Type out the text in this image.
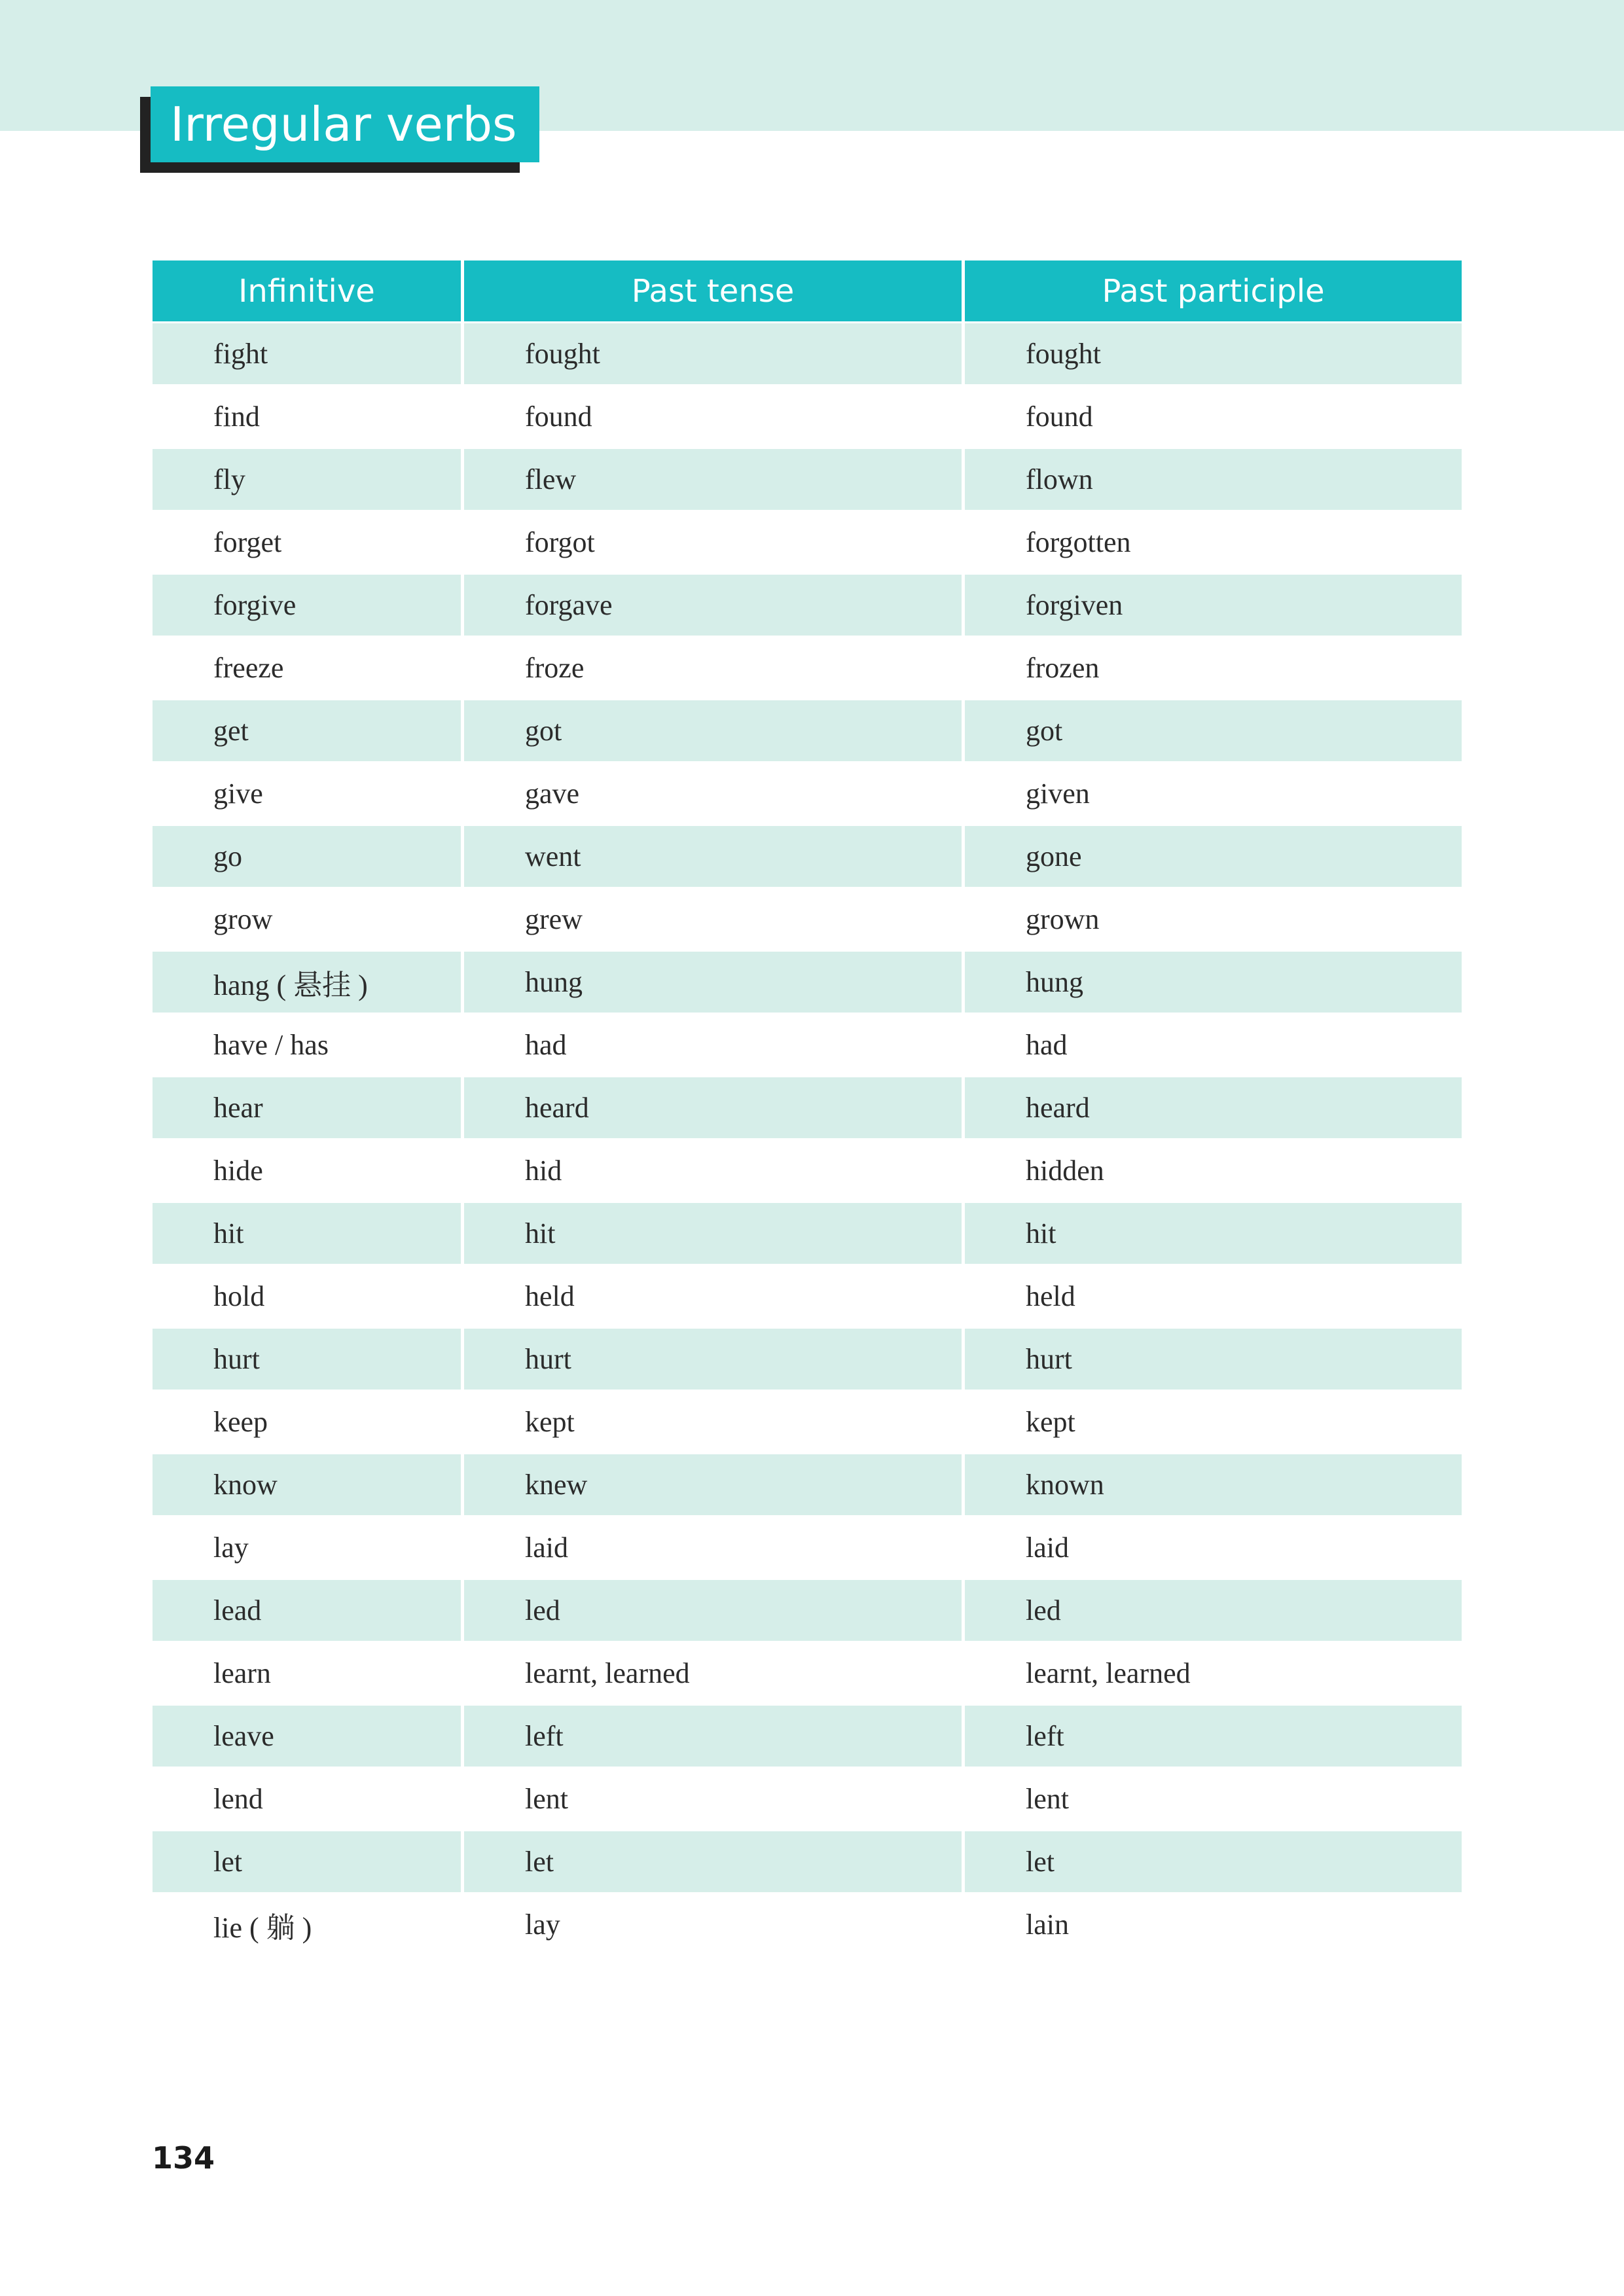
Irregular verbs
Infinitive	Past tense	Past participle
fight	fought	fought
find	found	found
fly	flew	flown
forget	forgot	forgotten
forgive	forgave	forgiven
freeze	froze	frozen
get	got	got
give	gave	given
go	went	gone
grow	grew	grown
hang ( 悬挂 )	hung	hung
have / has	had	had
hear	heard	heard
hide	hid	hidden
hit	hit	hit
hold	held	held
hurt	hurt	hurt
keep	kept	kept
know	knew	known
lay	laid	laid
lead	led	led
learn	learnt, learned	learnt, learned
leave	left	left
lend	lent	lent
let	let	let
lie ( 躺 )	lay	lain
134
